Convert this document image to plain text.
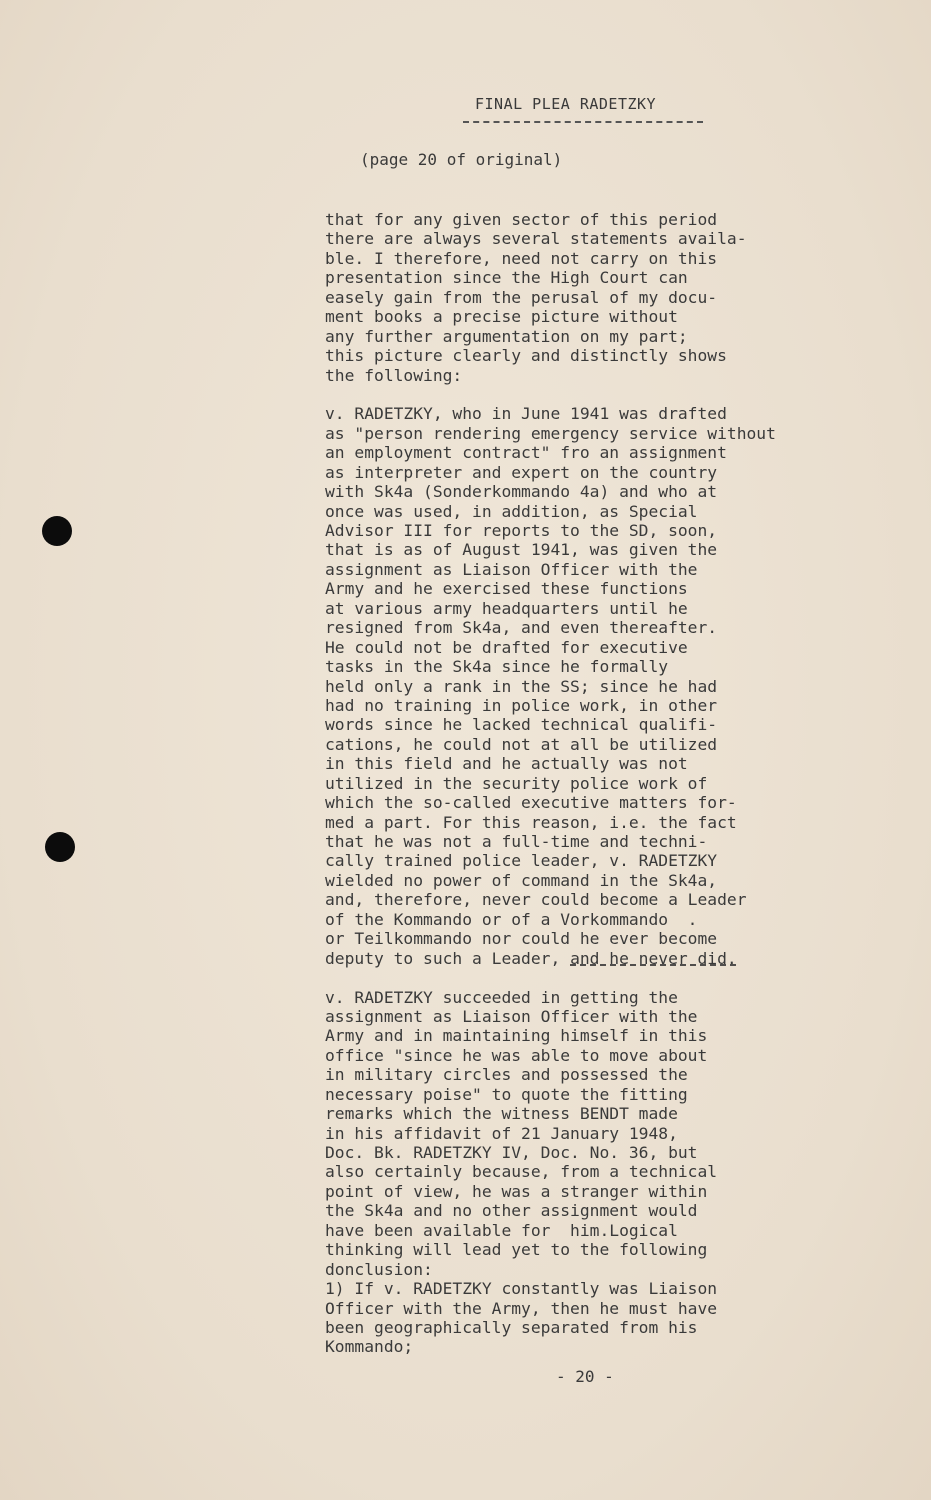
FINAL PLEA RADETZKY
(page 20 of original)
that for any given sector of this period
there are always several statements availa-
ble. I therefore, need not carry on this
presentation since the High Court can
easely gain from the perusal of my docu-
ment books a precise picture without
any further argumentation on my part;
this picture clearly and distinctly shows
the following:
v. RADETZKY, who in June 1941 was drafted
as "person rendering emergency service without
an employment contract" fro an assignment
as interpreter and expert on the country
with Sk4a (Sonderkommando 4a) and who at
once was used, in addition, as Special
Advisor III for reports to the SD, soon,
that is as of August 1941, was given the
assignment as Liaison Officer with the
Army and he exercised these functions
at various army headquarters until he
resigned from Sk4a, and even thereafter.
He could not be drafted for executive
tasks in the Sk4a since he formally
held only a rank in the SS; since he had
had no training in police work, in other
words since he lacked technical qualifi-
cations, he could not at all be utilized
in this field and he actually was not
utilized in the security police work of
which the so-called executive matters for-
med a part. For this reason, i.e. the fact
that he was not a full-time and techni-
cally trained police leader, v. RADETZKY
wielded no power of command in the Sk4a,
and, therefore, never could become a Leader
of the Kommando or of a Vorkommando  .
or Teilkommando nor could he ever become
deputy to such a Leader, and he never did.
v. RADETZKY succeeded in getting the
assignment as Liaison Officer with the
Army and in maintaining himself in this
office "since he was able to move about
in military circles and possessed the
necessary poise" to quote the fitting
remarks which the witness BENDT made
in his affidavit of 21 January 1948,
Doc. Bk. RADETZKY IV, Doc. No. 36, but
also certainly because, from a technical
point of view, he was a stranger within
the Sk4a and no other assignment would
have been available for  him.Logical
thinking will lead yet to the following
donclusion:
1) If v. RADETZKY constantly was Liaison
Officer with the Army, then he must have
been geographically separated from his
Kommando;
- 20 -
